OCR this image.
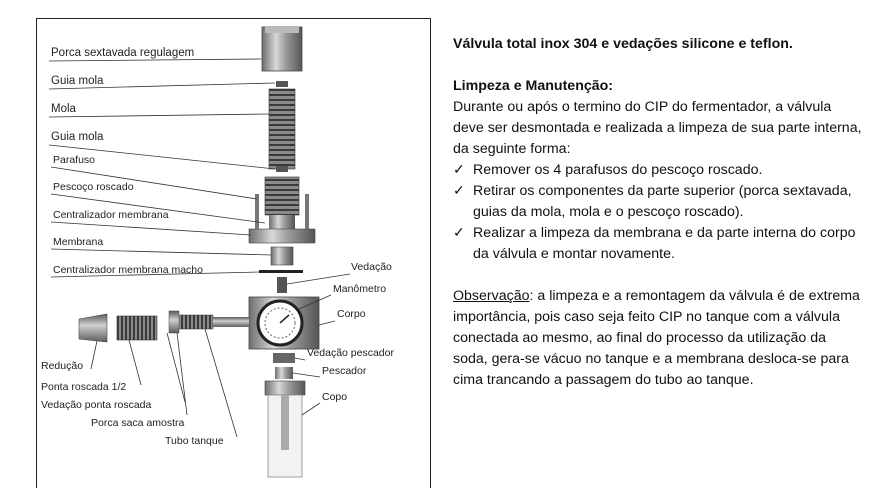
Porca sextavada regulagem
Guia mola
Mola
Guia mola
Parafuso
Pescoço roscado
Centralizador membrana
Membrana
Centralizador membrana macho	Vedação
Manômetro
Corpo
Vedação pescador
Pescador
Copo
Redução
Ponta roscada 1/2
Vedação ponta roscada
Porca saca amostra
Tubo tanque

Válvula total inox 304 e vedações silicone e teflon.

Limpeza e Manutenção:

Durante ou após o termino do CIP do fermentador, a válvula deve ser desmontada e realizada a limpeza de sua parte interna, da seguinte forma:

✓ Remover os 4 parafusos do pescoço roscado.
✓ Retirar os componentes da parte superior (porca sextavada, guias da mola, mola e o pescoço roscado).
✓ Realizar a limpeza da membrana e da parte interna do corpo da válvula e montar novamente.

Observação: a limpeza e a remontagem da válvula é de extrema importância, pois caso seja feito CIP no tanque com a válvula conectada ao mesmo, ao final do processo da utilização da soda, gera-se vácuo no tanque e a membrana desloca-se para cima trancando a passagem do tubo ao tanque.
